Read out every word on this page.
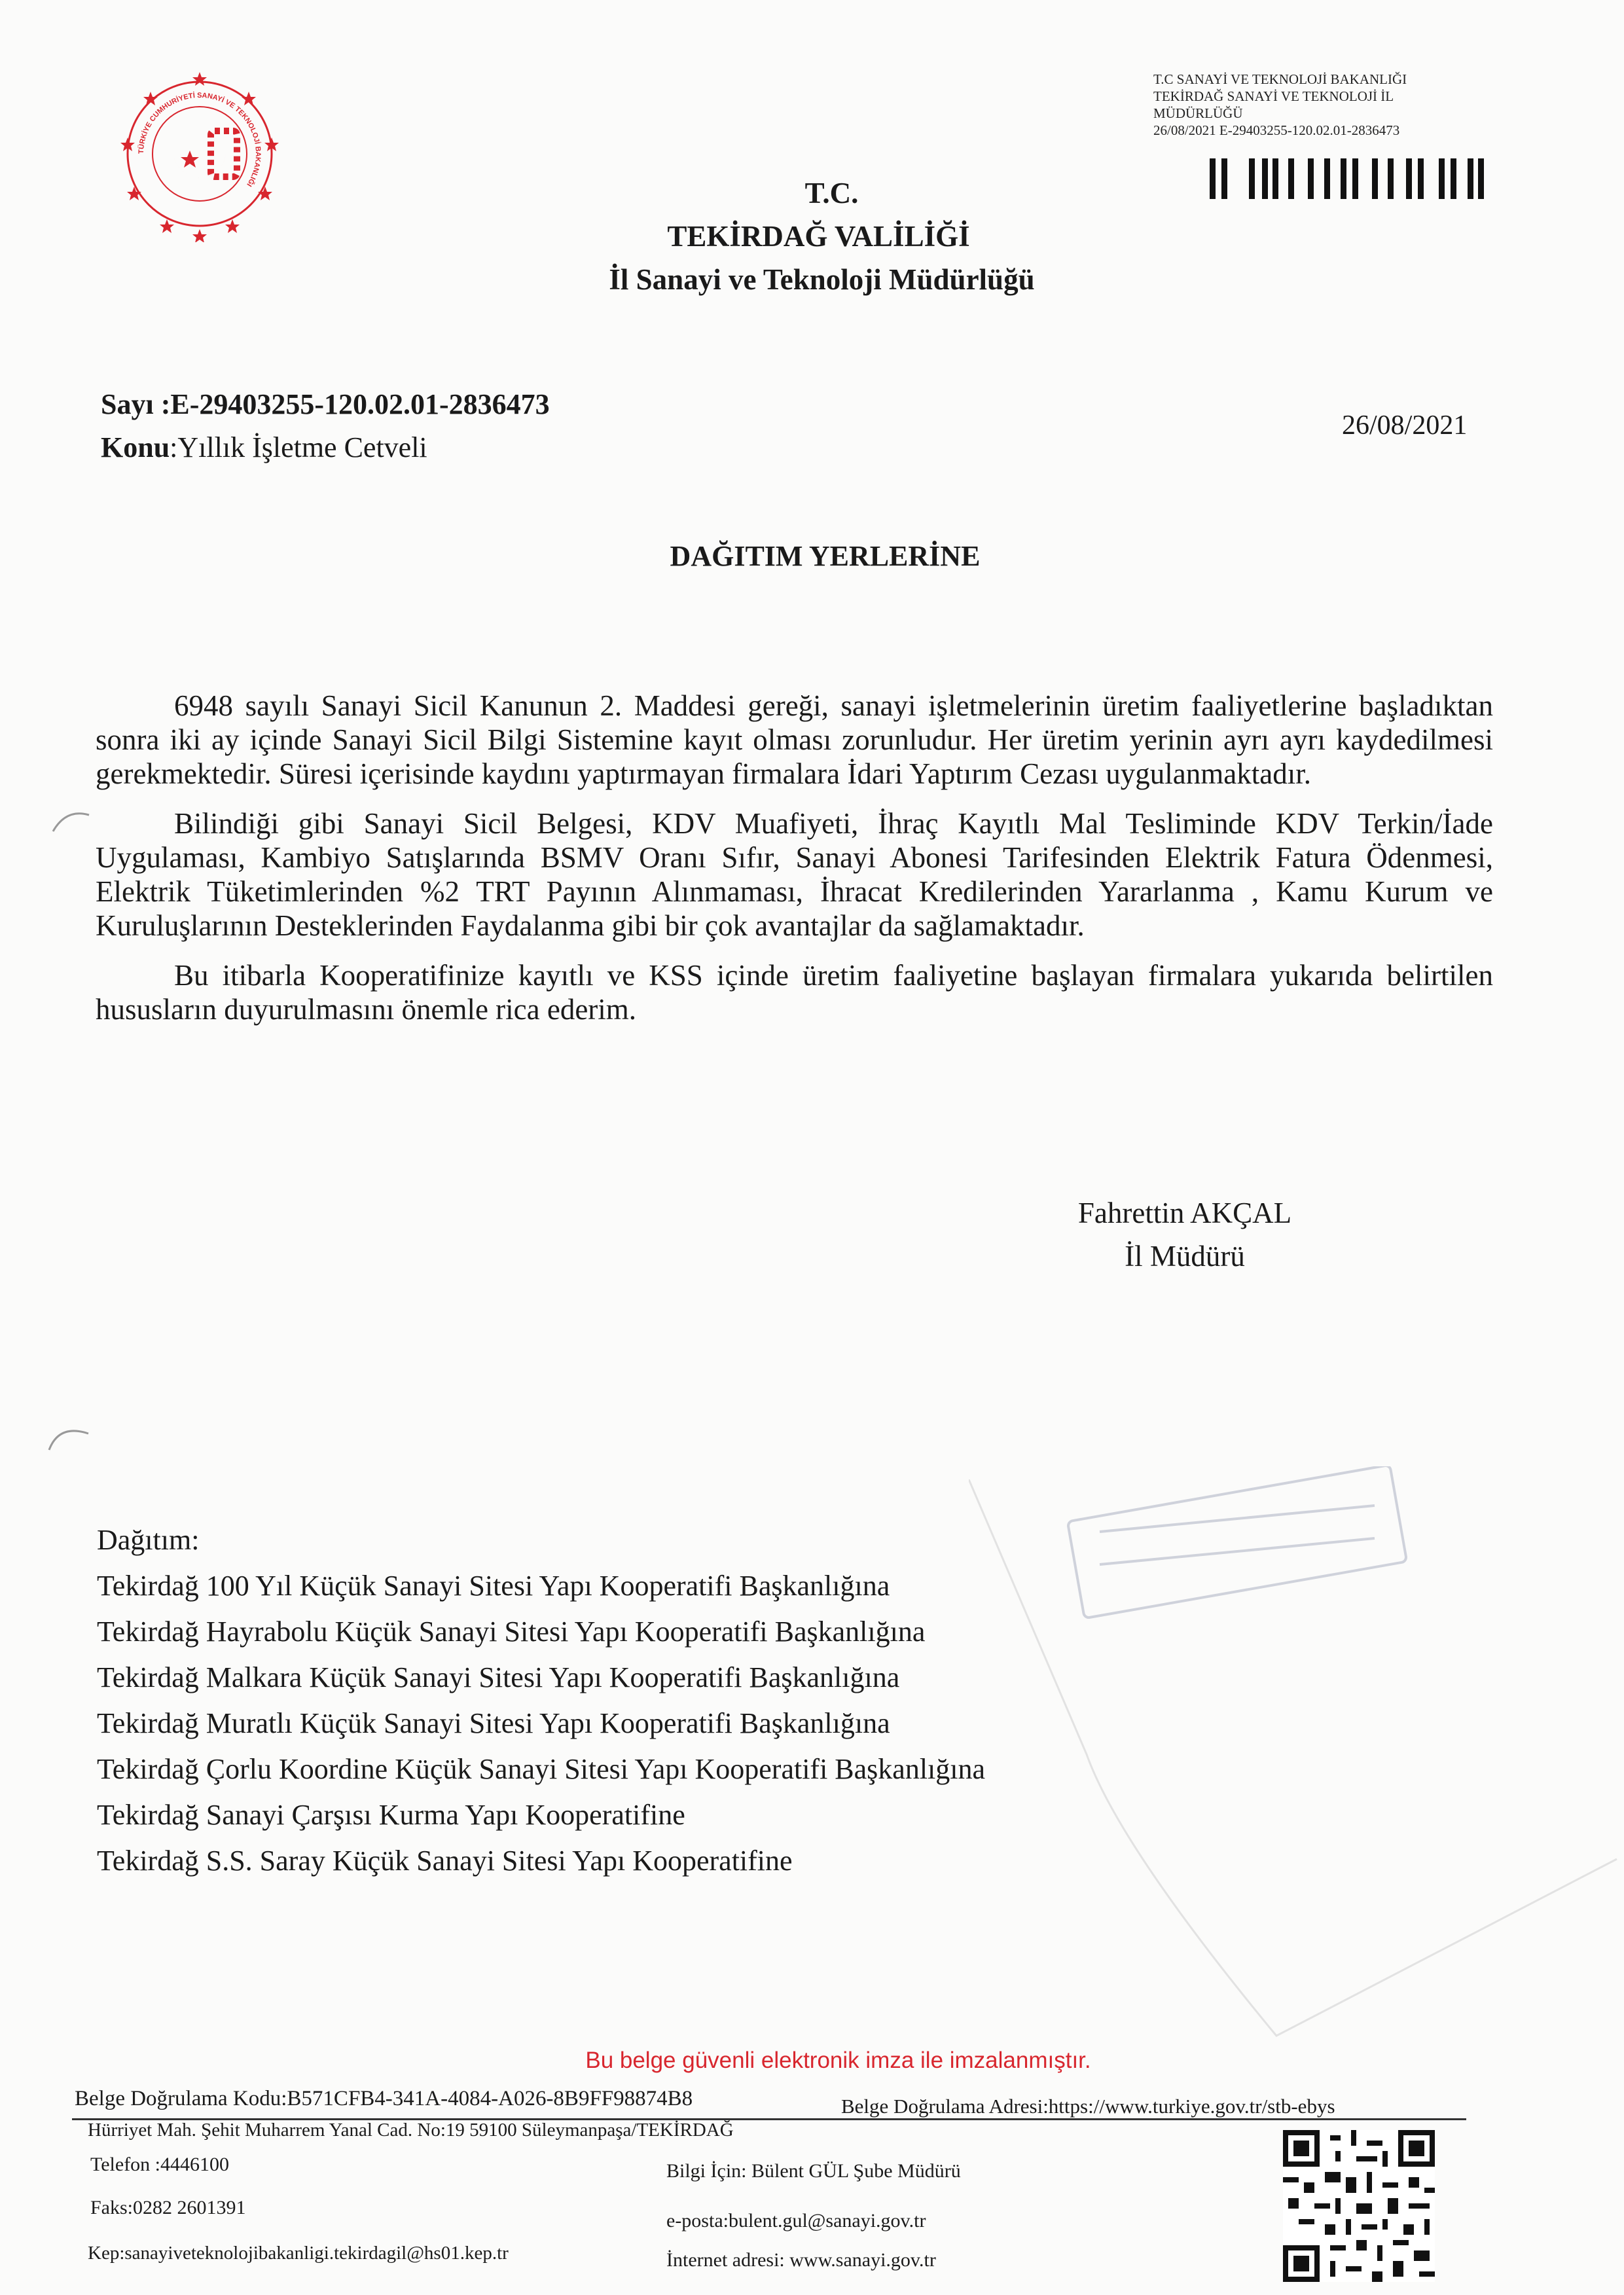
TÜRKİYE CUMHURİYETİ SANAYİ VE TEKNOLOJİ BAKANLIĞI
T.C SANAYİ VE TEKNOLOJİ BAKANLIĞI
TEKİRDAĞ SANAYİ VE TEKNOLOJİ İL
MÜDÜRLÜĞÜ
26/08/2021 E-29403255-120.02.01-2836473
T.C.
TEKİRDAĞ VALİLİĞİ
İl Sanayi ve Teknoloji Müdürlüğü
Sayı :E-29403255-120.02.01-2836473
Konu:Yıllık İşletme Cetveli
26/08/2021
DAĞITIM YERLERİNE

6948 sayılı Sanayi Sicil Kanunun 2. Maddesi gereği, sanayi işletmelerinin üretim faaliyetlerine başladıktan sonra iki ay içinde Sanayi Sicil Bilgi Sistemine kayıt olması zorunludur. Her üretim yerinin ayrı ayrı kaydedilmesi gerekmektedir. Süresi içerisinde kaydını yaptırmayan firmalara İdari Yaptırım Cezası uygulanmaktadır.

Bilindiği gibi Sanayi Sicil Belgesi, KDV Muafiyeti, İhraç Kayıtlı Mal Tesliminde KDV Terkin/İade Uygulaması, Kambiyo Satışlarında BSMV Oranı Sıfır, Sanayi Abonesi Tarifesinden Elektrik Fatura Ödenmesi, Elektrik Tüketimlerinden %2 TRT Payının Alınmaması, İhracat Kredilerinden Yararlanma , Kamu Kurum ve Kuruluşlarının Desteklerinden Faydalanma gibi bir çok avantajlar da sağlamaktadır.

Bu itibarla Kooperatifinize kayıtlı ve KSS içinde üretim faaliyetine başlayan firmalara yukarıda belirtilen hususların duyurulmasını önemle rica ederim.

Fahrettin AKÇAL
İl Müdürü
Dağıtım:
Tekirdağ 100 Yıl Küçük Sanayi Sitesi Yapı Kooperatifi Başkanlığına
Tekirdağ Hayrabolu Küçük Sanayi Sitesi Yapı Kooperatifi Başkanlığına
Tekirdağ Malkara Küçük Sanayi Sitesi Yapı Kooperatifi Başkanlığına
Tekirdağ Muratlı Küçük Sanayi Sitesi Yapı Kooperatifi Başkanlığına
Tekirdağ Çorlu Koordine Küçük Sanayi Sitesi Yapı Kooperatifi Başkanlığına
Tekirdağ Sanayi Çarşısı Kurma Yapı Kooperatifine
Tekirdağ S.S. Saray Küçük Sanayi Sitesi Yapı Kooperatifine
Bu belge güvenli elektronik imza ile imzalanmıştır.
Belge Doğrulama Kodu:B571CFB4-341A-4084-A026-8B9FF98874B8	Belge Doğrulama Adresi:https://www.turkiye.gov.tr/stb-ebys
Hürriyet Mah. Şehit Muharrem Yanal Cad. No:19 59100 Süleymanpaşa/TEKİRDAĞ
Telefon :4446100
Faks:0282 2601391
Kep:sanayiveteknolojibakanligi.tekirdagil@hs01.kep.tr
Bilgi İçin: Bülent GÜL Şube Müdürü
e-posta:bulent.gul@sanayi.gov.tr
İnternet adresi: www.sanayi.gov.tr
